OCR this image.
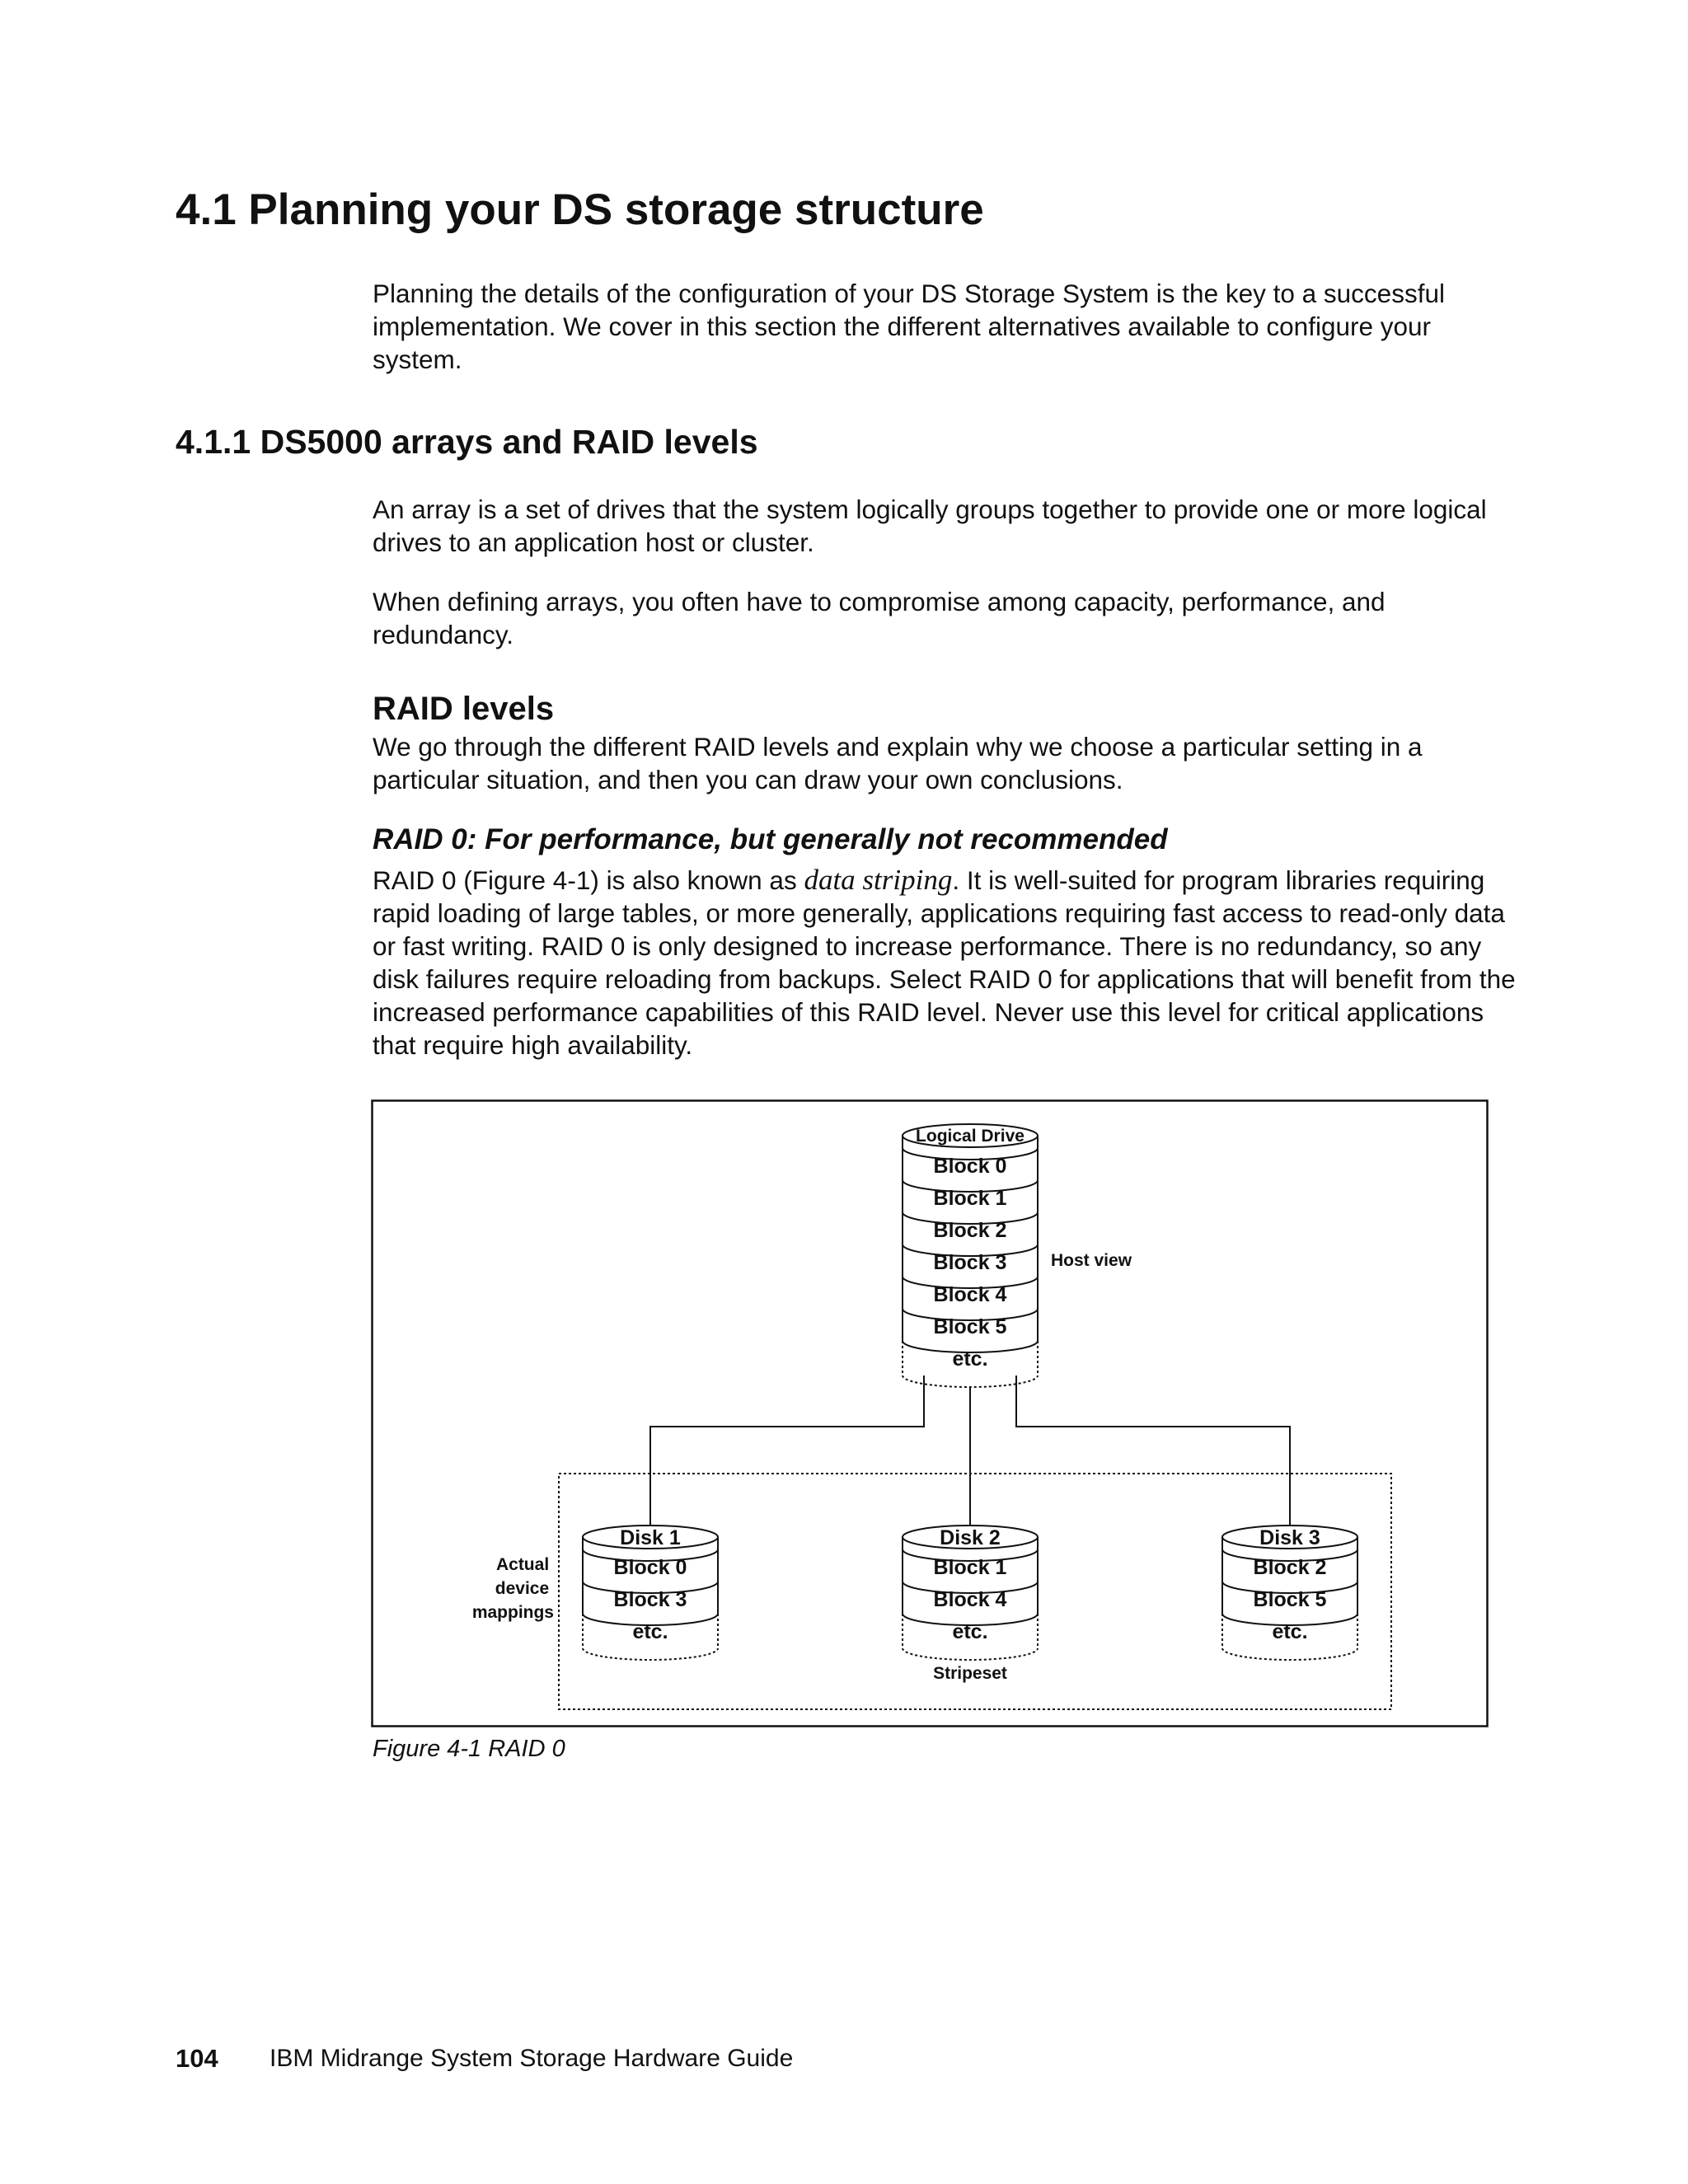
4.1 Planning your DS storage structure

Planning the details of the configuration of your DS Storage System is the key to a successful implementation. We cover in this section the different alternatives available to configure your system.

4.1.1 DS5000 arrays and RAID levels

An array is a set of drives that the system logically groups together to provide one or more logical drives to an application host or cluster.

When defining arrays, you often have to compromise among capacity, performance, and redundancy.

RAID levels

We go through the different RAID levels and explain why we choose a particular setting in a particular situation, and then you can draw your own conclusions.

RAID 0: For performance, but generally not recommended

RAID 0 (Figure 4-1) is also known as data striping. It is well-suited for program libraries requiring rapid loading of large tables, or more generally, applications requiring fast access to read-only data or fast writing. RAID 0 is only designed to increase performance. There is no redundancy, so any disk failures require reloading from backups. Select RAID 0 for applications that will benefit from the increased performance capabilities of this RAID level. Never use this level for critical applications that require high availability.

Logical Drive
Block 0
Block 1
Block 2
Block 3
Block 4
Block 5
etc.
Host view
Disk 1
Block 0
Block 3
etc.
Disk 2
Block 1
Block 4
etc.
Disk 3
Block 2
Block 5
etc.
Actual device mappings
Stripeset

Figure 4-1 RAID 0

104 IBM Midrange System Storage Hardware Guide
